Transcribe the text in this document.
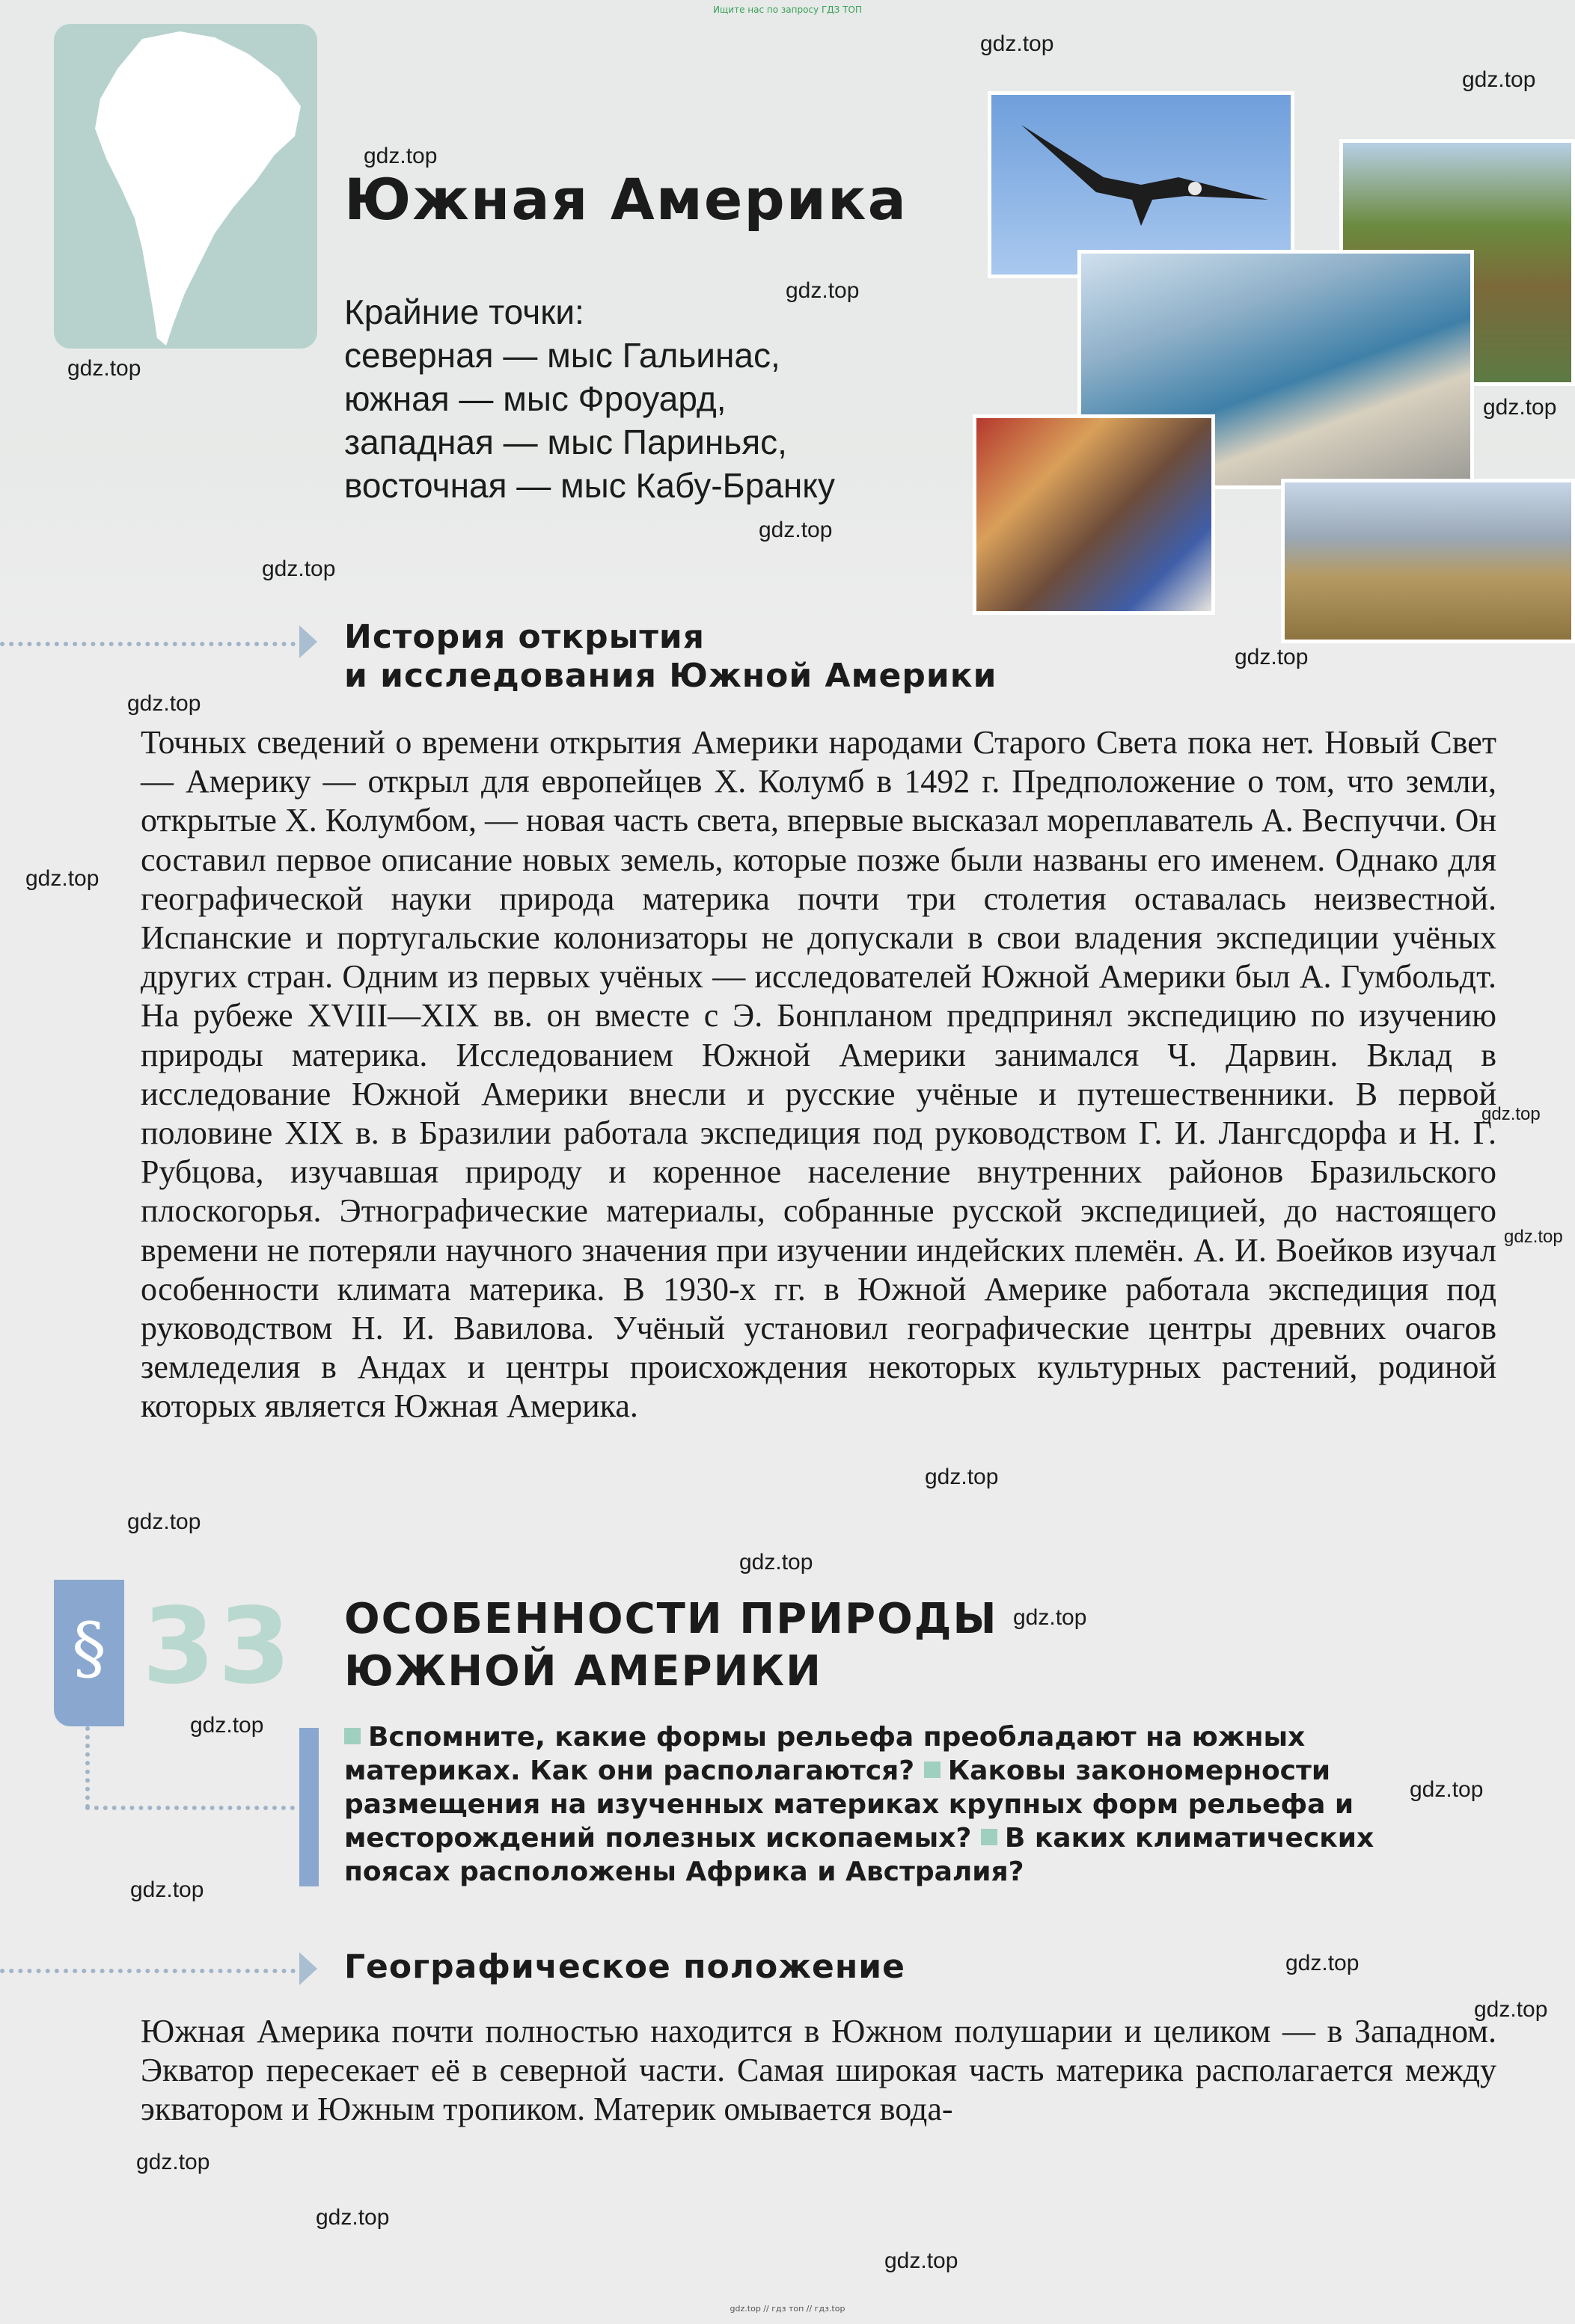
Ищите нас по запросу ГДЗ ТОП
Южная Америка
Крайние точки:
северная — мыс Гальинас,
южная — мыс Фроуард,
западная — мыс Париньяс,
восточная — мыс Кабу-Бранку
История открытия
и исследования Южной Америки

Точных сведений о времени открытия Америки народами Старого Света пока нет. Новый Свет — Америку — открыл для европейцев Х. Колумб в 1492 г. Предположение о том, что земли, открытые Х. Колумбом, — новая часть света, впервые высказал мореплаватель А. Веспуччи. Он составил первое описание новых земель, которые позже были названы его именем. Однако для географической науки природа материка почти три столетия оставалась неизвестной. Испанские и португальские колонизаторы не допускали в свои владения экспедиции учёных других стран. Одним из первых учёных — исследователей Южной Америки был А. Гумбольдт. На рубеже XVIII—XIX вв. он вместе с Э. Бонпланом предпринял экспедицию по изучению природы материка. Исследованием Южной Америки занимался Ч. Дарвин. Вклад в исследование Южной Америки внесли и русские учёные и путешественники. В первой половине XIX в. в Бразилии работала экспедиция под руководством Г. И. Лангсдорфа и Н. Г. Рубцова, изучавшая природу и коренное население внутренних районов Бразильского плоскогорья. Этнографические материалы, собранные русской экспедицией, до настоящего времени не потеряли научного значения при изучении индейских племён. А. И. Воейков изучал особенности климата материка. В 1930-х гг. в Южной Америке работала экспедиция под руководством Н. И. Вавилова. Учёный установил географические центры древних очагов земледелия в Андах и центры происхождения некоторых культурных растений, родиной которых является Южная Америка.

§ 33 ОСОБЕННОСТИ ПРИРОДЫ
ЮЖНОЙ АМЕРИКИ
Вспомните, какие формы рельефа преобладают на южных материках. Как они располагаются? Каковы закономерности размещения на изученных материках крупных форм рельефа и месторождений полезных ископаемых? В каких климатических поясах расположены Африка и Австралия?
Географическое положение

Южная Америка почти полностью находится в Южном полушарии и целиком — в Западном. Экватор пересекает её в северной части. Самая широкая часть материка располагается между экватором и Южным тропиком. Материк омывается вода-

gdz.top
gdz.top
gdz.top
gdz.top
gdz.top
gdz.top
gdz.top
gdz.top
gdz.top
gdz.top
gdz.top
gdz.top
gdz.top
gdz.top
gdz.top
gdz.top
gdz.top
gdz.top
gdz.top
gdz.top
gdz.top
gdz.top
gdz.top
gdz.top
gdz.top
gdz.top // гдз топ // гдз.top
